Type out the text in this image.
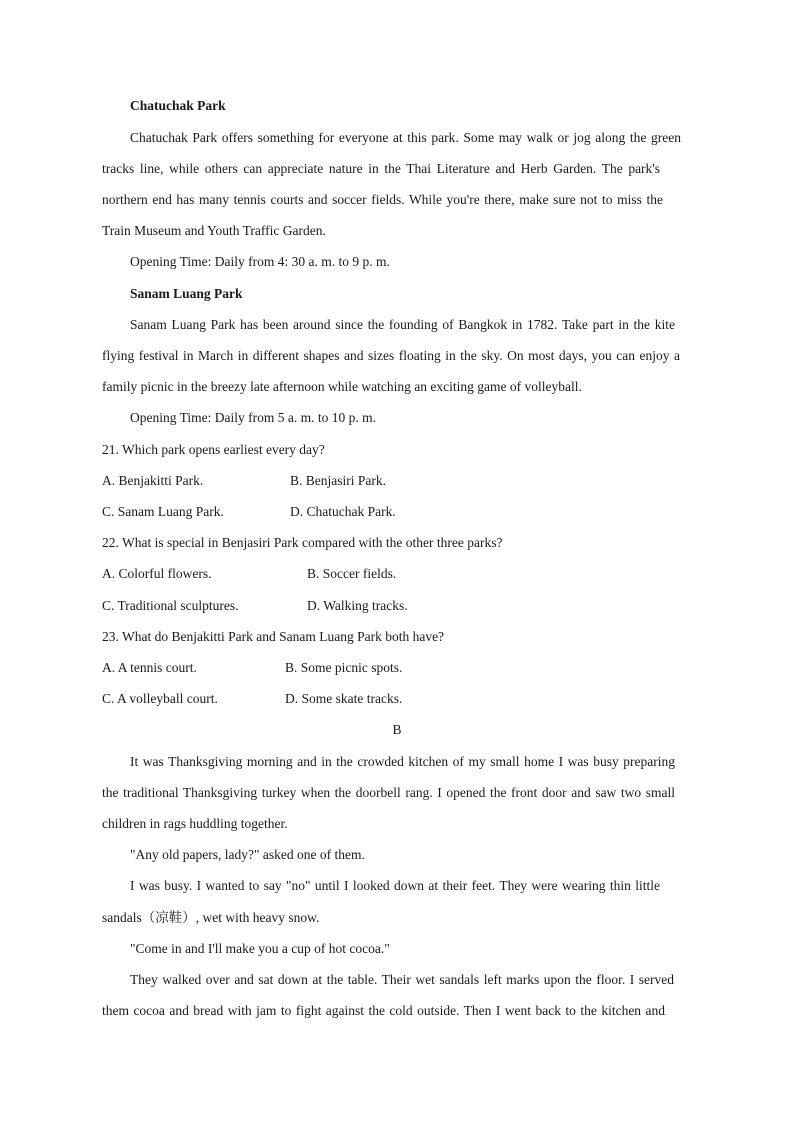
Chatuchak Park
Chatuchak Park offers something for everyone at this park. Some may walk or jog along the green
tracks line, while others can appreciate nature in the Thai Literature and Herb Garden. The park's
northern end has many tennis courts and soccer fields. While you're there, make sure not to miss the
Train Museum and Youth Traffic Garden.
Opening Time: Daily from 4: 30 a. m. to 9 p. m.
Sanam Luang Park
Sanam Luang Park has been around since the founding of Bangkok in 1782. Take part in the kite
flying festival in March in different shapes and sizes floating in the sky. On most days, you can enjoy a
family picnic in the breezy late afternoon while watching an exciting game of volleyball.
Opening Time: Daily from 5 a. m. to 10 p. m.
21. Which park opens earliest every day?
A. Benjakitti Park.	B. Benjasiri Park.
C. Sanam Luang Park.	D. Chatuchak Park.
22. What is special in Benjasiri Park compared with the other three parks?
A. Colorful flowers.	B. Soccer fields.
C. Traditional sculptures.	D. Walking tracks.
23. What do Benjakitti Park and Sanam Luang Park both have?
A. A tennis court.	B. Some picnic spots.
C. A volleyball court.	D. Some skate tracks.
B
It was Thanksgiving morning and in the crowded kitchen of my small home I was busy preparing
the traditional Thanksgiving turkey when the doorbell rang. I opened the front door and saw two small
children in rags huddling together.
"Any old papers, lady?" asked one of them.
I was busy. I wanted to say "no" until I looked down at their feet. They were wearing thin little
sandals（凉鞋）, wet with heavy snow.
"Come in and I'll make you a cup of hot cocoa."
They walked over and sat down at the table. Their wet sandals left marks upon the floor. I served
them cocoa and bread with jam to fight against the cold outside. Then I went back to the kitchen and
